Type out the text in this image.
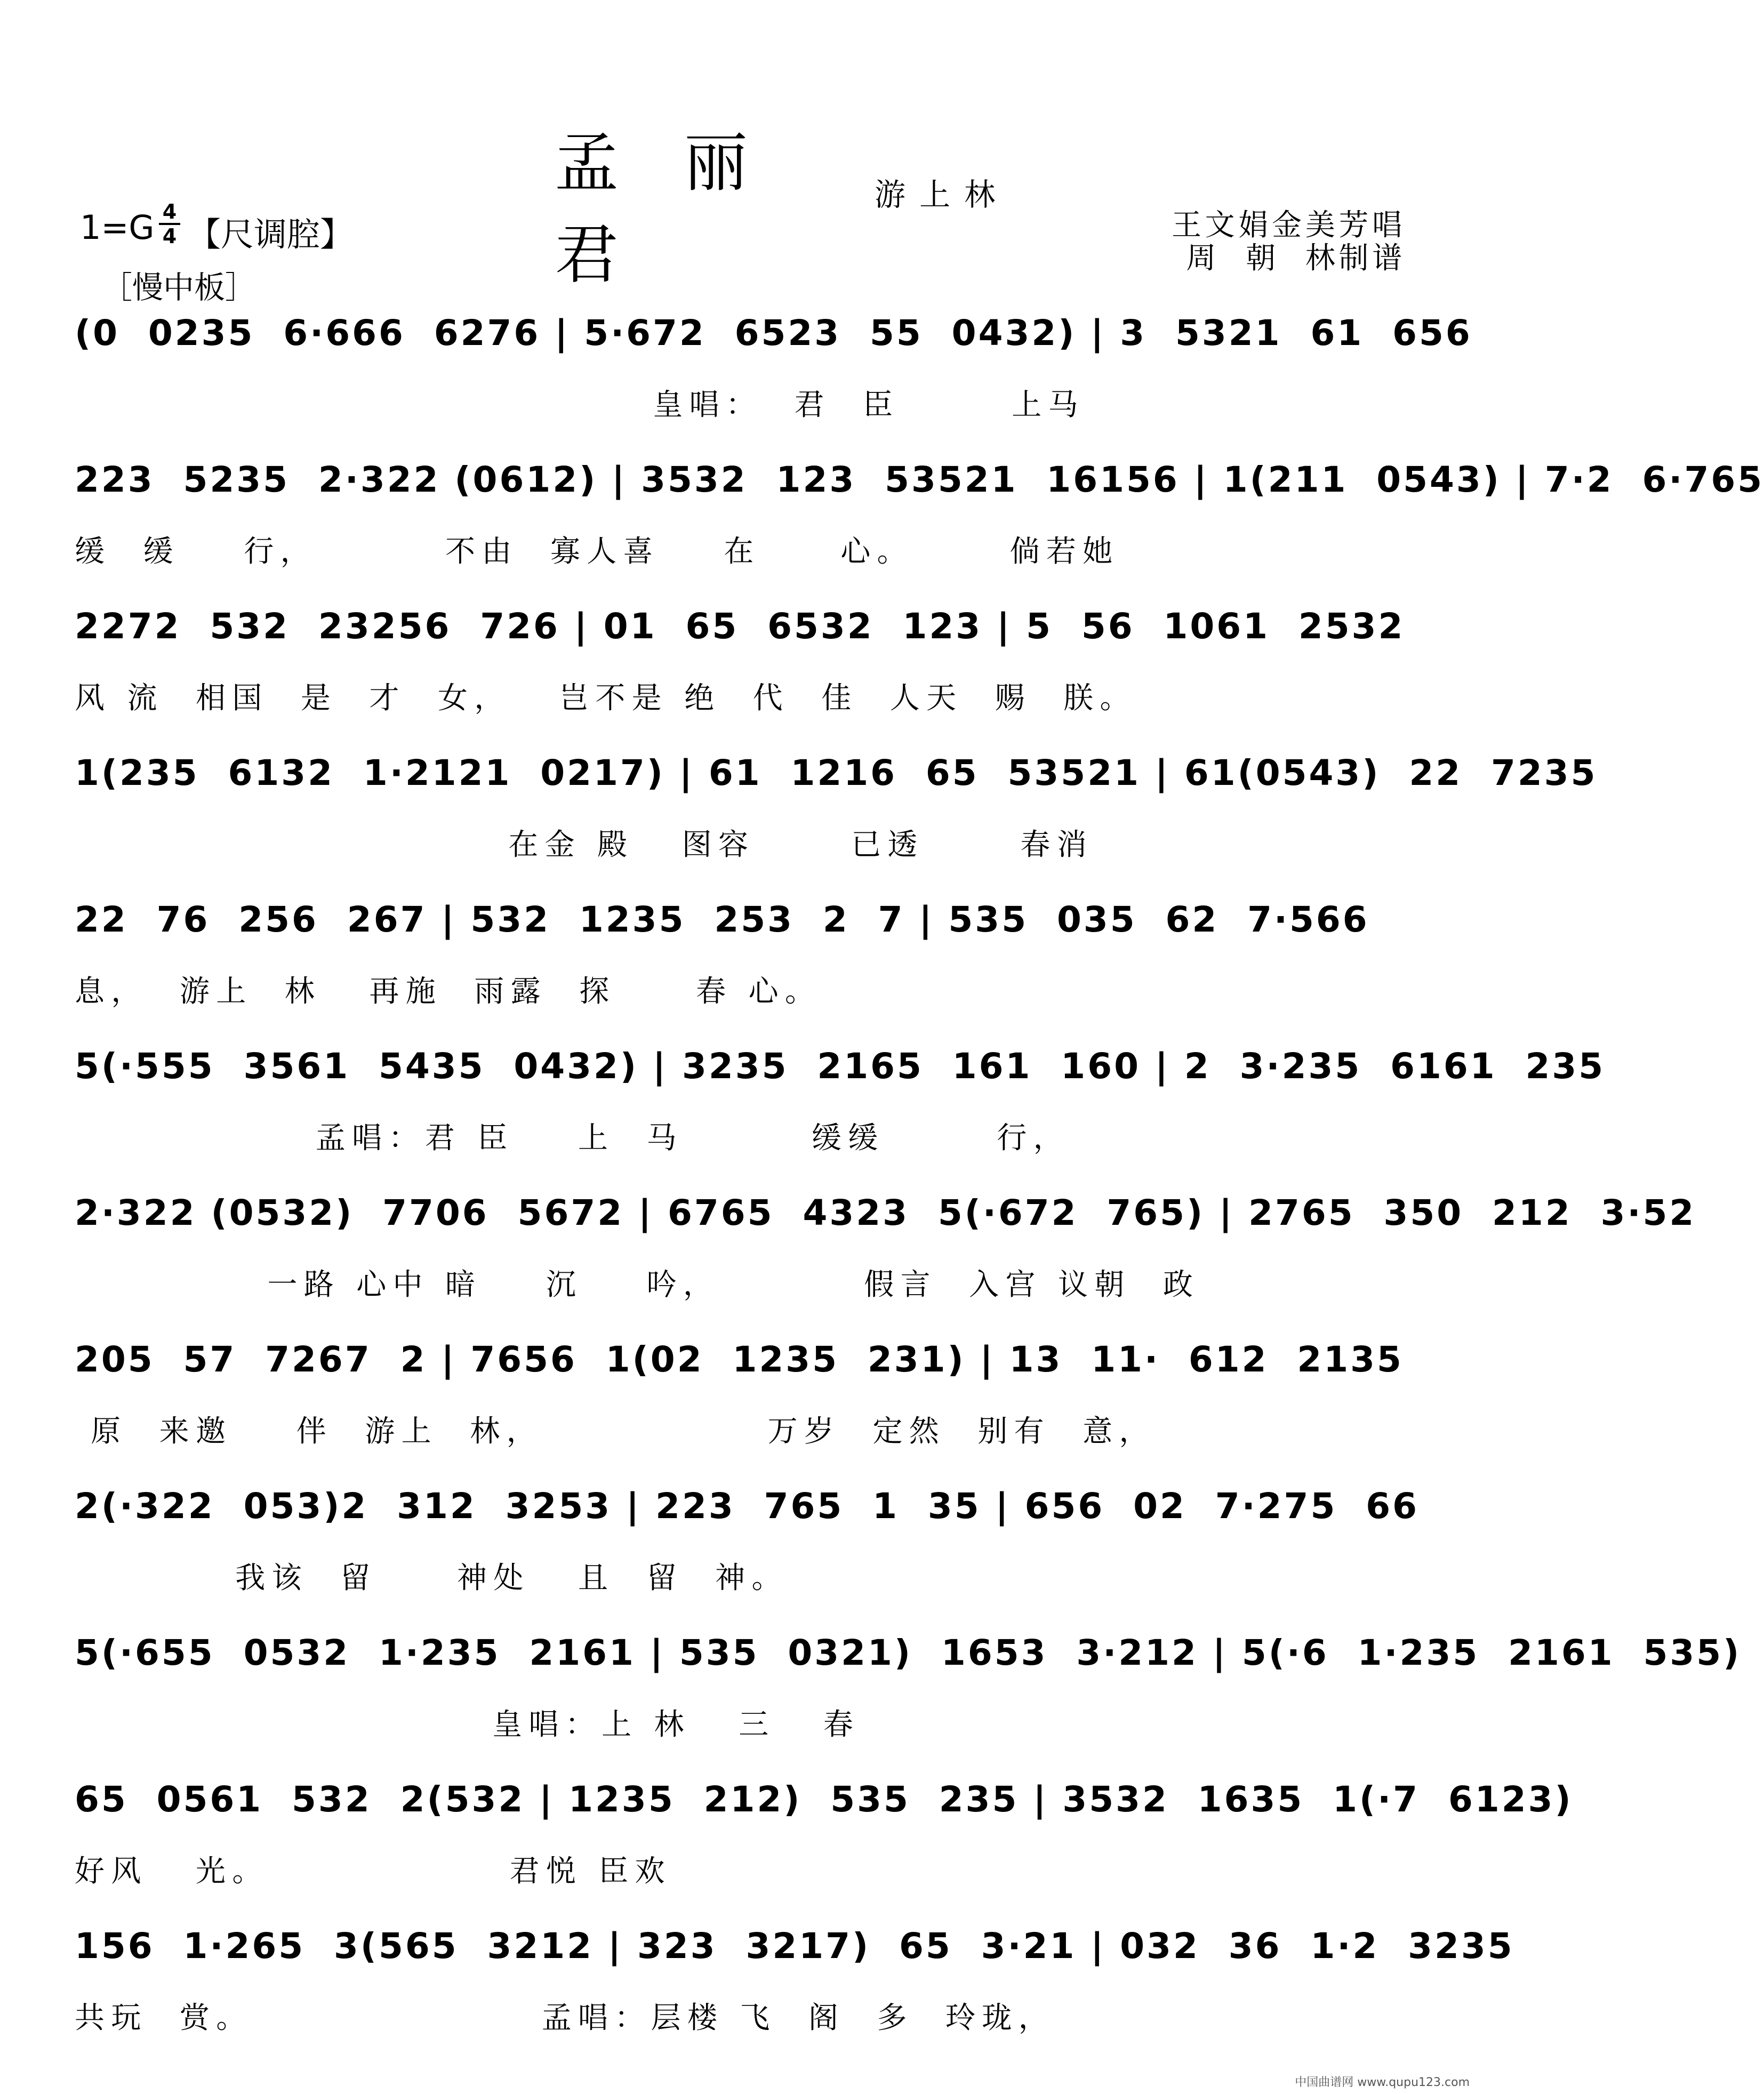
孟 丽 君
游上林
1=G 4
4 【尺调腔】
［慢中板］
王文娟金美芳唱
周  朝  林制谱
(0  0235  6·666  6276 | 5·672  6523  55  0432) | 3  5321  61  656
皇唱：  君  臣       上马
223  5235  2·322 (0612) | 3532  123  53521  16156 | 1(211  0543) | 7·2  6·765
缓  缓    行，        不由  寡人喜    在     心。      倘若她
2272  532  23256  726 | 01  65  6532  123 | 5  56  1061  2532
风 流  相国  是  才  女，   岂不是 绝  代  佳  人天  赐  朕。
1(235  6132  1·2121  0217) | 61  1216  65  53521 | 61(0543)  22  7235
在金 殿   图容      已透      春消
22  76  256  267 | 532  1235  253  2  7 | 535  035  62  7·566
息，  游上  林   再施  雨露  探     春 心。
5(·555  3561  5435  0432) | 3235  2165  161  160 | 2  3·235  6161  235
孟唱：君 臣    上  马        缓缓       行，
2·322 (0532)  7706  5672 | 6765  4323  5(·672  765) | 2765  350  212  3·52
一路 心中 暗    沉    吟，         假言  入宫 议朝  政
205  57  7267  2 | 7656  1(02  1235  231) | 13  11·  612  2135
原  来邀    伴  游上  林，              万岁  定然  别有  意，
2(·322  053)2  312  3253 | 223  765  1  35 | 656  02  7·275  66
我该  留     神处   且  留  神。
5(·655  0532  1·235  2161 | 535  0321)  1653  3·212 | 5(·6  1·235  2161  535)
皇唱：上 林   三   春
65  0561  532  2(532 | 1235  212)  535  235 | 3532  1635  1(·7  6123)
好风   光。               君悦 臣欢
156  1·265  3(565  3212 | 323  3217)  65  3·21 | 032  36  1·2  3235
共玩  赏。                  孟唱：层楼 飞  阁  多  玲珑，
中国曲谱网 www.qupu123.com
